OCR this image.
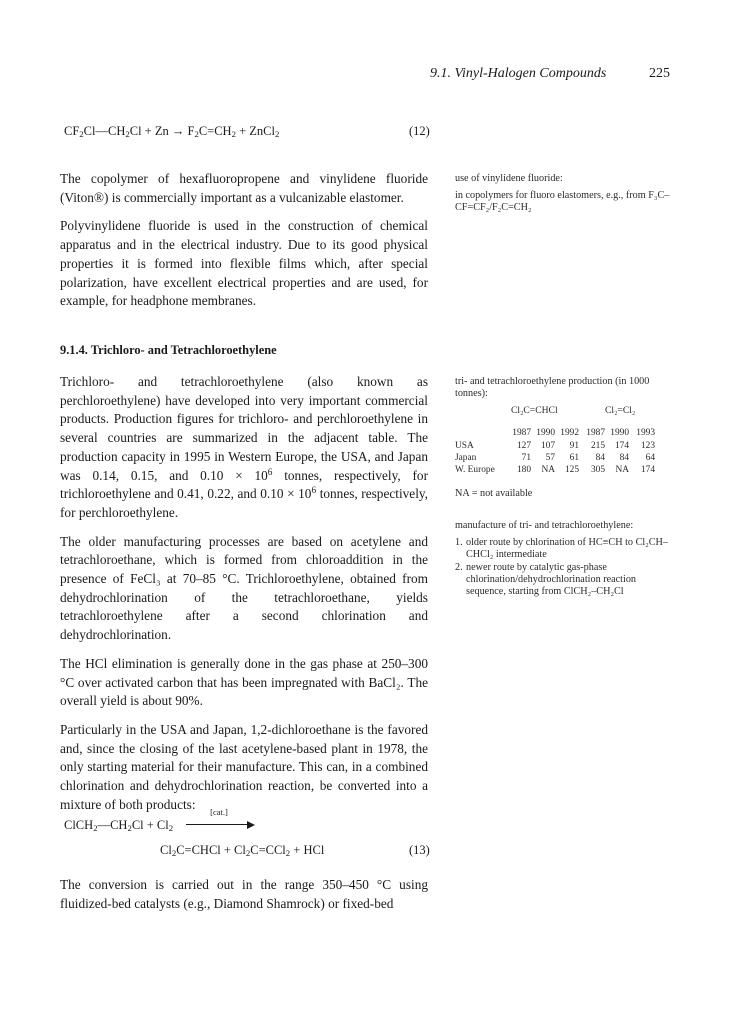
9.1. Vinyl-Halogen Compounds	225
$CF_2Cl—CH_2Cl + Zn \to F_2C=CH_2$ + ZnCl$_2$	(12)

The copolymer of hexafluoropropene and vinylidene fluoride (Viton®) is commercially important as a vulcanizable elastomer.

Polyvinylidene fluoride is used in the construction of chemical apparatus and in the electrical industry. Due to its good physical properties it is formed into flexible films which, after special polarization, have excellent electrical properties and are used, for example, for headphone membranes.

use of vinylidene fluoride:
in copolymers for fluoro elastomers, e.g., from F₃C–CF=CF₂/F₂C=CH₂
9.1.4. Trichloro- and Tetrachloroethylene

Trichloro- and tetrachloroethylene (also known as perchloroethylene) have developed into very important commercial products. Production figures for trichloro- and perchloroethylene in several countries are summarized in the adjacent table. The production capacity in 1995 in Western Europe, the USA, and Japan was 0.14, 0.15, and $0.10 \times 10^6$ tonnes, respectively, for trichloroethylene and 0.41, 0.22, and $0.10 \times 10^6$ tonnes, respectively, for perchloroethylene.

The older manufacturing processes are based on acetylene and tetrachloroethane, which is formed from chloroaddition in the presence of FeCl₃ at 70–85 °C. Trichloroethylene, obtained from dehydrochlorination of the tetrachloroethane, yields tetrachloroethylene after a second chlorination and dehydrochlorination.

The HCl elimination is generally done in the gas phase at 250–300 °C over activated carbon that has been impregnated with BaCl₂. The overall yield is about 90%.

Particularly in the USA and Japan, 1,2-dichloroethane is the favored and, since the closing of the last acetylene-based plant in 1978, the only starting material for their manufacture. This can, in a combined chlorination and dehydrochlorination reaction, be converted into a mixture of both products:

tri- and tetrachloroethylene production (in 1000 tonnes):
Cl₂C=CHCl	Cl₂=Cl₂
	1987	1990	1992	1987	1990	1993
USA	127	107	91	215	174	123
Japan	71	57	61	84	84	64
W. Europe	180	NA	125	305	NA	174
NA = not available
manufacture of tri- and tetrachloroethylene:
1. older route by chlorination of HC≡CH to Cl₂CH–CHCl₂ intermediate
2. newer route by catalytic gas-phase chlorination/dehydrochlorination reaction sequence, starting from ClCH₂–CH₂Cl
$ClCH_2—CH_2Cl + Cl_2$
[cat.]
$Cl_2C=CHCl + Cl_2C=CCl_2$ + HCl	(13)

The conversion is carried out in the range 350–450 °C using fluidized-bed catalysts (e.g., Diamond Shamrock) or fixed-bed
